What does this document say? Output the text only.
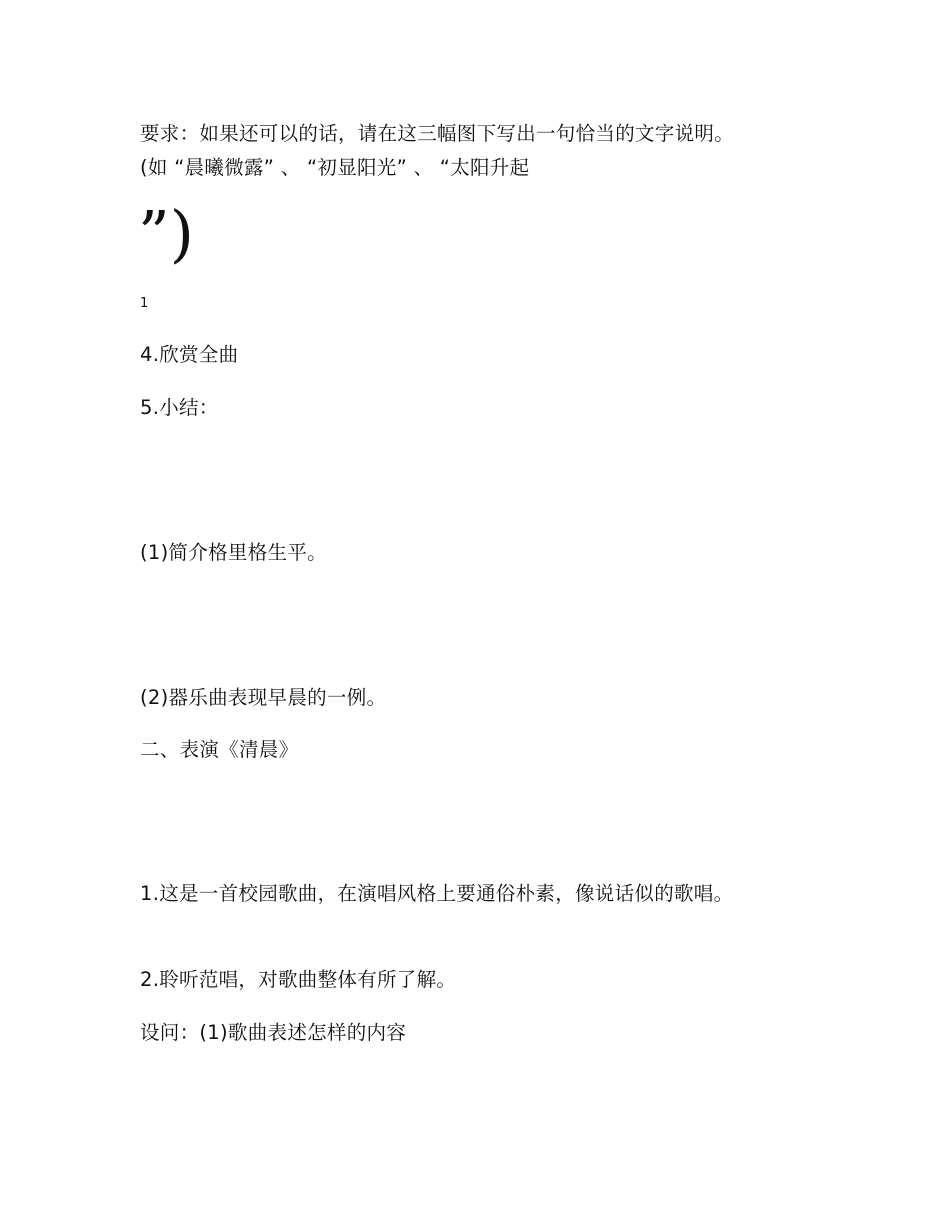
要求：如果还可以的话，请在这三幅图下写出一句恰当的文字说明。
(如 “晨曦微露” 、 “初显阳光” 、 “太阳升起
”)
1
4.欣赏全曲
5.小结：
(1)简介格里格生平。
(2)器乐曲表现早晨的一例。
二、表演《清晨》
1.这是一首校园歌曲，在演唱风格上要通俗朴素，像说话似的歌唱。
2.聆听范唱，对歌曲整体有所了解。
设问：(1)歌曲表述怎样的内容
